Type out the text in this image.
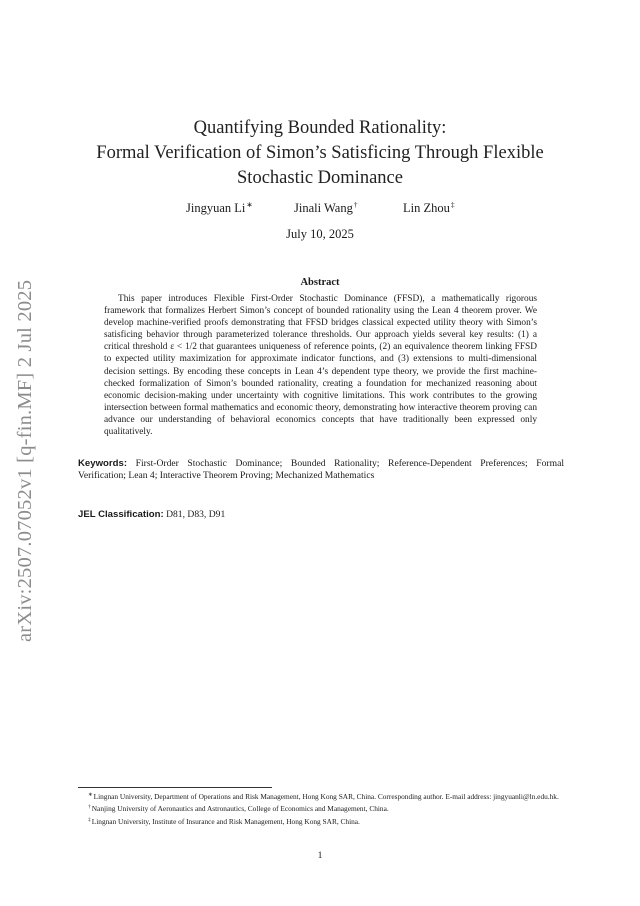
arXiv:2507.07052v1 [q-fin.MF] 2 Jul 2025
Quantifying Bounded Rationality:
Formal Verification of Simon’s Satisficing Through Flexible
Stochastic Dominance
Jingyuan Li∗	Jinali Wang†	Lin Zhou‡
July 10, 2025
Abstract

This paper introduces Flexible First-Order Stochastic Dominance (FFSD), a mathematically rigorous framework that formalizes Herbert Simon’s concept of bounded rationality using the Lean 4 theorem prover. We develop machine-verified proofs demonstrating that FFSD bridges classical expected utility theory with Simon’s satisficing behavior through parameterized tolerance thresholds. Our approach yields several key results: (1) a critical threshold ε < 1/2 that guarantees uniqueness of reference points, (2) an equivalence theorem linking FFSD to expected utility maximization for approximate indicator functions, and (3) extensions to multi-dimensional decision settings. By encoding these concepts in Lean 4’s dependent type theory, we provide the first machine-checked formalization of Simon’s bounded rationality, creating a foundation for mechanized reasoning about economic decision-making under uncertainty with cognitive limitations. This work contributes to the growing intersection between formal mathematics and economic theory, demonstrating how interactive theorem proving can advance our understanding of behavioral economics concepts that have traditionally been expressed only qualitatively.

Keywords: First-Order Stochastic Dominance; Bounded Rationality; Reference-Dependent Preferences; Formal Verification; Lean 4; Interactive Theorem Proving; Mechanized Mathematics

JEL Classification: D81, D83, D91

∗Lingnan University, Department of Operations and Risk Management, Hong Kong SAR, China. Corresponding author. E-mail address: jingyuanli@ln.edu.hk.

†Nanjing University of Aeronautics and Astronautics, College of Economics and Management, China.

‡Lingnan University, Institute of Insurance and Risk Management, Hong Kong SAR, China.

1
